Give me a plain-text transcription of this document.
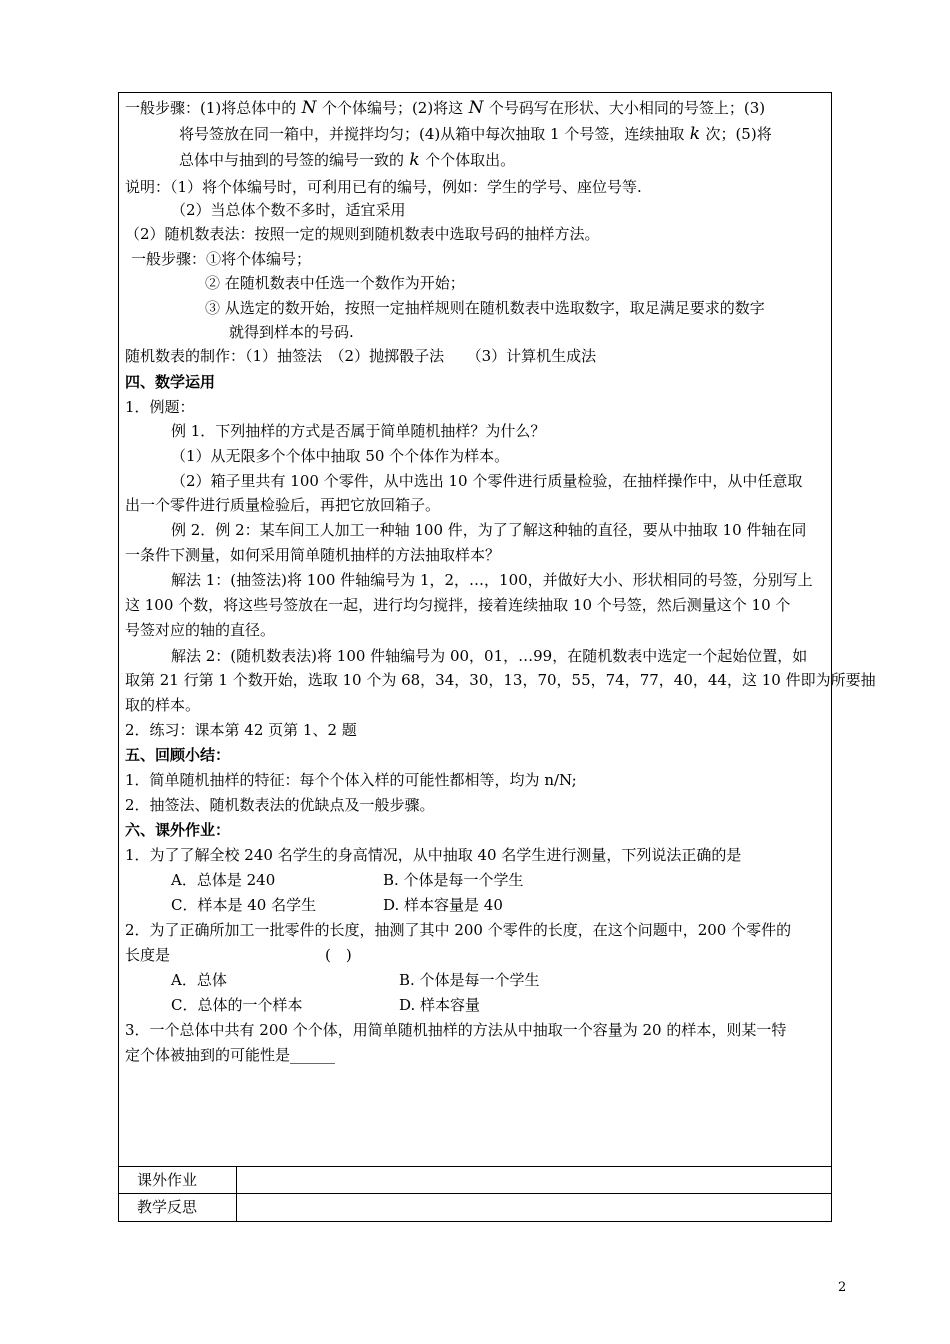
一般步骤：(1)将总体中的 N 个个体编号；(2)将这 N 个号码写在形状、大小相同的号签上；(3)
将号签放在同一箱中，并搅拌均匀；(4)从箱中每次抽取 1 个号签，连续抽取 k 次；(5)将
总体中与抽到的号签的编号一致的 k 个个体取出。
说明：（1）将个体编号时，可利用已有的编号，例如：学生的学号、座位号等.
（2）当总体个数不多时，适宜采用
（2）随机数表法：按照一定的规则到随机数表中选取号码的抽样方法。
一般步骤：①将个体编号；
② 在随机数表中任选一个数作为开始；
③ 从选定的数开始，按照一定抽样规则在随机数表中选取数字，取足满足要求的数字
就得到样本的号码.
随机数表的制作：（1）抽签法　（2）抛掷骰子法　　（3）计算机生成法
四、数学运用
1．例题：
例 1．下列抽样的方式是否属于简单随机抽样？为什么？
（1）从无限多个个体中抽取 50 个个体作为样本。
（2）箱子里共有 100 个零件，从中选出 10 个零件进行质量检验，在抽样操作中，从中任意取
出一个零件进行质量检验后，再把它放回箱子。
例 2．例 2：某车间工人加工一种轴 100 件，为了了解这种轴的直径，要从中抽取 10 件轴在同
一条件下测量，如何采用简单随机抽样的方法抽取样本？
解法 1：(抽签法)将 100 件轴编号为 1，2，…，100，并做好大小、形状相同的号签，分别写上
这 100 个数，将这些号签放在一起，进行均匀搅拌，接着连续抽取 10 个号签，然后测量这个 10 个
号签对应的轴的直径。
解法 2：(随机数表法)将 100 件轴编号为 00，01，…99，在随机数表中选定一个起始位置，如
取第 21 行第 1 个数开始，选取 10 个为 68，34，30，13，70，55，74，77，40，44，这 10 件即为所要抽
取的样本。
2．练习：课本第 42 页第 1、2 题
五、回顾小结：
1．简单随机抽样的特征：每个个体入样的可能性都相等，均为 n/N;
2．抽签法、随机数表法的优缺点及一般步骤。
六、课外作业：
1．为了了解全校 240 名学生的身高情况，从中抽取 40 名学生进行测量，下列说法正确的是
A．总体是 240	B. 个体是每一个学生
C．样本是 40 名学生	D. 样本容量是 40
2．为了正确所加工一批零件的长度，抽测了其中 200 个零件的长度，在这个问题中，200 个零件的
长度是	(　)
A．总体	B. 个体是每一个学生
C．总体的一个样本	D. 样本容量
3．一个总体中共有 200 个个体，用简单随机抽样的方法从中抽取一个容量为 20 的样本，则某一特
定个体被抽到的可能性是______
课外作业
教学反思
2
